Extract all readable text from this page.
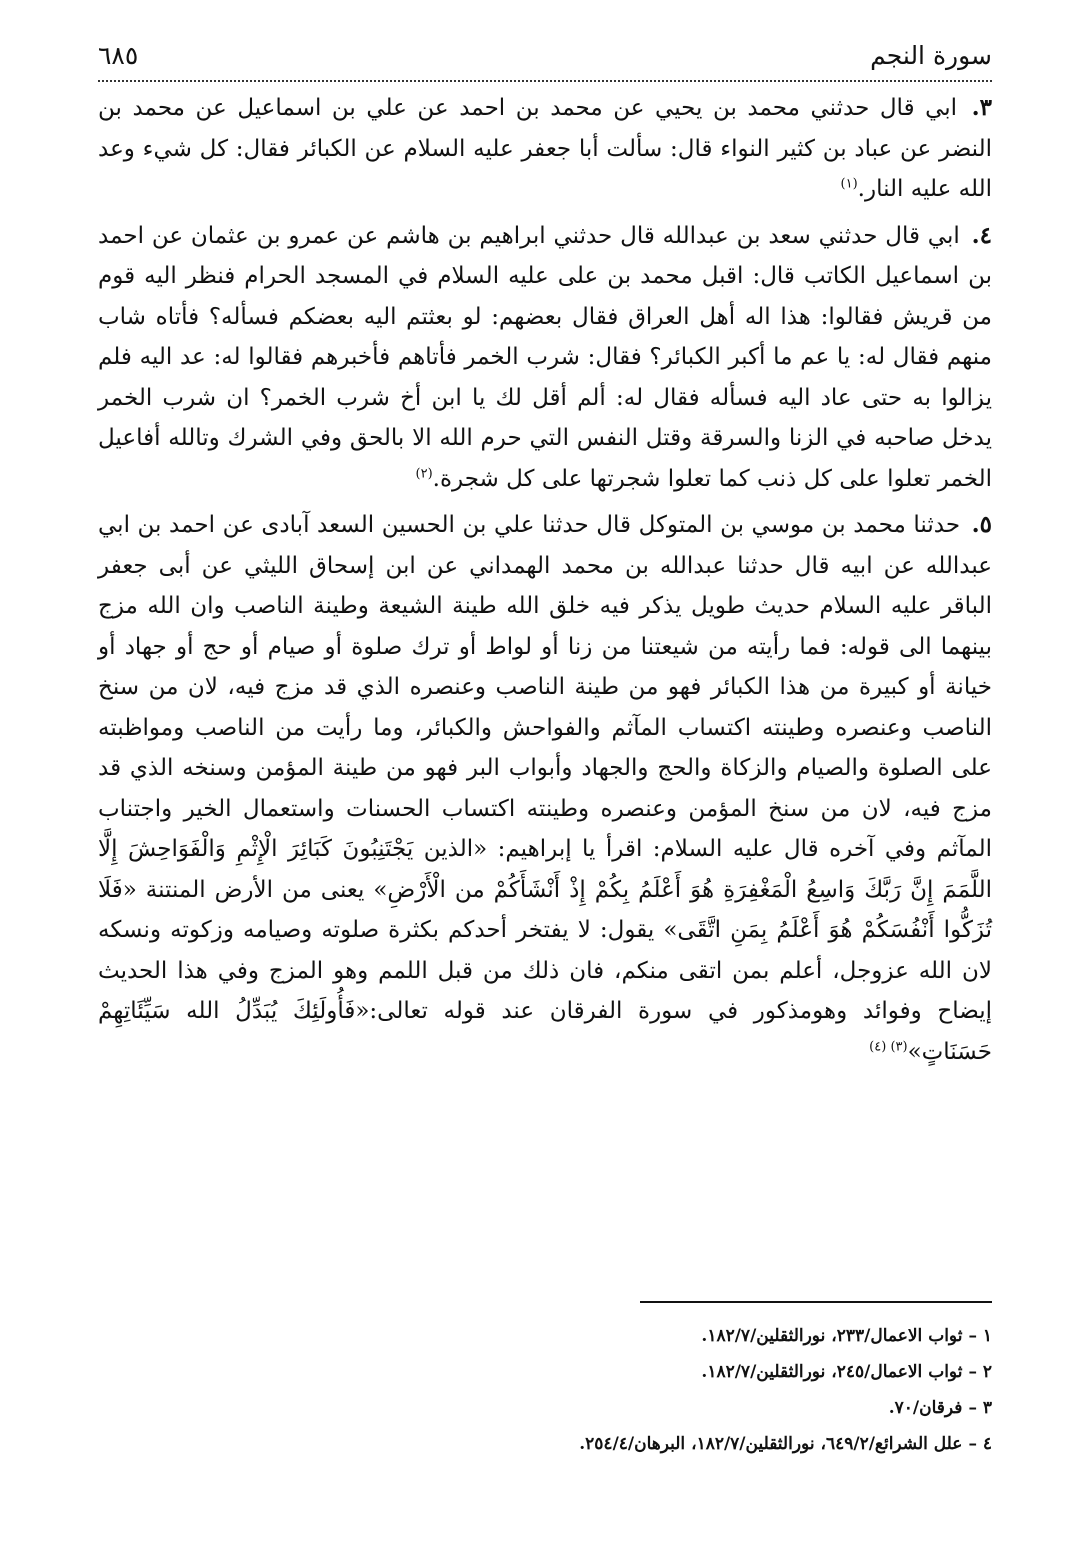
سورة النجم
٦٨٥

٣. ابي قال حدثني محمد بن يحيي عن محمد بن احمد عن علي بن اسماعيل عن محمد بن النضر عن عباد بن كثير النواء قال: سألت أبا جعفر عليه السلام عن الكبائر فقال: كل شيء وعد الله عليه النار.$^{(١)}$

٤. ابي قال حدثني سعد بن عبدالله قال حدثني ابراهيم بن هاشم عن عمرو بن عثمان عن احمد بن اسماعيل الكاتب قال: اقبل محمد بن على عليه السلام في المسجد الحرام فنظر اليه قوم من قريش فقالوا: هذا اله أهل العراق فقال بعضهم: لو بعثتم اليه بعضكم فسأله؟ فأتاه شاب منهم فقال له: يا عم ما أكبر الكبائر؟ فقال: شرب الخمر فأتاهم فأخبرهم فقالوا له: عد اليه فلم يزالوا به حتى عاد اليه فسأله فقال له: ألم أقل لك يا ابن أخ شرب الخمر؟ ان شرب الخمر يدخل صاحبه في الزنا والسرقة وقتل النفس التي حرم الله الا بالحق وفي الشرك وتالله أفاعيل الخمر تعلوا على كل ذنب كما تعلوا شجرتها على كل شجرة.$^{(٢)}$

٥. حدثنا محمد بن موسي بن المتوكل قال حدثنا علي بن الحسين السعد آبادى عن احمد بن ابي عبدالله عن ابيه قال حدثنا عبدالله بن محمد الهمداني عن ابن إسحاق الليثي عن أبى جعفر الباقر عليه السلام حديث طويل يذكر فيه خلق الله طينة الشيعة وطينة الناصب وان الله مزج بينهما الى قوله: فما رأيته من شيعتنا من زنا أو لواط أو ترك صلوة أو صيام أو حج أو جهاد أو خيانة أو كبيرة من هذا الكبائر فهو من طينة الناصب وعنصره الذي قد مزج فيه، لان من سنخ الناصب وعنصره وطينته اكتساب المآثم والفواحش والكبائر، وما رأيت من الناصب ومواظبته على الصلوة والصيام والزكاة والحج والجهاد وأبواب البر فهو من طينة المؤمن وسنخه الذي قد مزج فيه، لان من سنخ المؤمن وعنصره وطينته اكتساب الحسنات واستعمال الخير واجتناب المآثم وفي آخره قال عليه السلام: اقرأ يا إبراهيم: «الذين يَجْتَنِبُونَ كَبَائِرَ الْإِثْمِ وَالْفَوَاحِشَ إِلَّا اللَّمَمَ إِنَّ رَبَّكَ وَاسِعُ الْمَغْفِرَةِ هُوَ أَعْلَمُ بِكُمْ إِذْ أَنْشَأَكُمْ من الْأَرْضِ» يعنى من الأرض المنتنة «فَلَا تُزَكُّوا أَنْفُسَكُمْ هُوَ أَعْلَمُ بِمَنِ اتَّقَى» يقول: لا يفتخر أحدكم بكثرة صلوته وصيامه وزكوته ونسكه لان الله عزوجل، أعلم بمن اتقى منكم، فان ذلك من قبل اللمم وهو المزج وفي هذا الحديث إيضاح وفوائد وهومذكور في سورة الفرقان عند قوله تعالى:«فَأُولَئِكَ يُبَدِّلُ الله سَيِّئَاتِهِمْ حَسَنَاتٍ»$^{(٣) (٤)}$

١ –ثواب الاعمال/٢٣٣، نورالثقلين/١٨٢/٧.
٢ –ثواب الاعمال/٢٤٥، نورالثقلين/١٨٢/٧.
٣ –فرقان/٧٠.
٤ –علل الشرائع/٦٤٩/٢، نورالثقلين/١٨٢/٧، البرهان/٢٥٤/٤.
